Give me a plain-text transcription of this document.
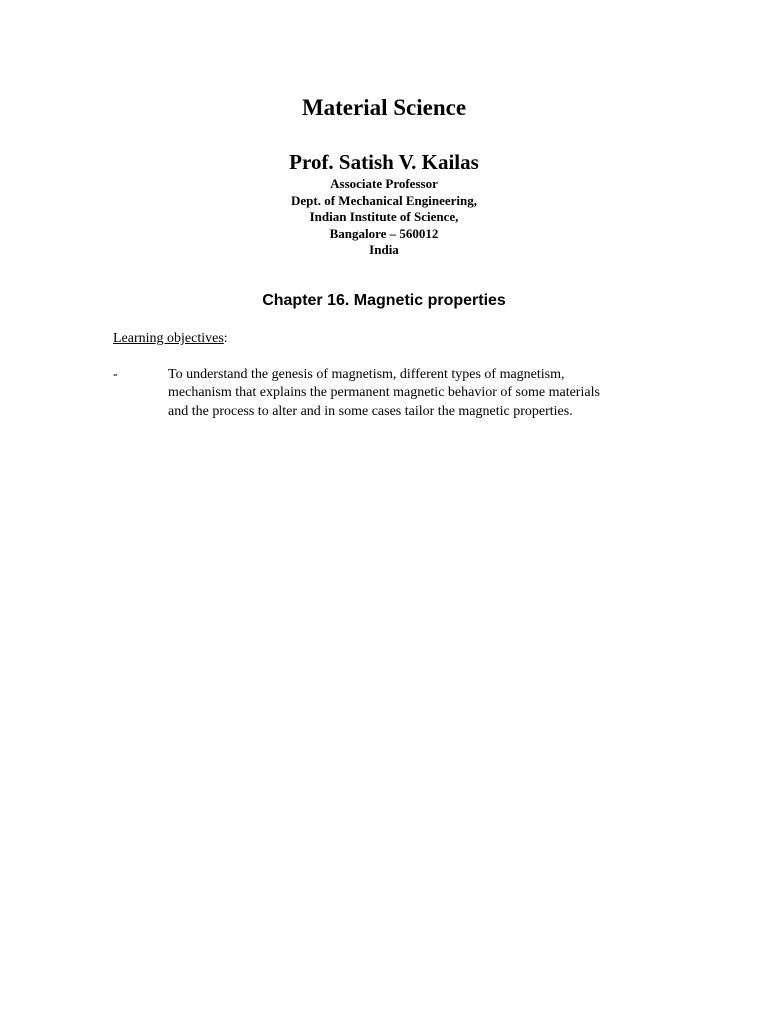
Material Science
Prof. Satish V. Kailas
Associate Professor
Dept. of Mechanical Engineering,
Indian Institute of Science,
Bangalore – 560012
India
Chapter 16. Magnetic properties
Learning objectives:
-	To understand the genesis of magnetism, different types of magnetism,
mechanism that explains the permanent magnetic behavior of some materials
and the process to alter and in some cases tailor the magnetic properties.
